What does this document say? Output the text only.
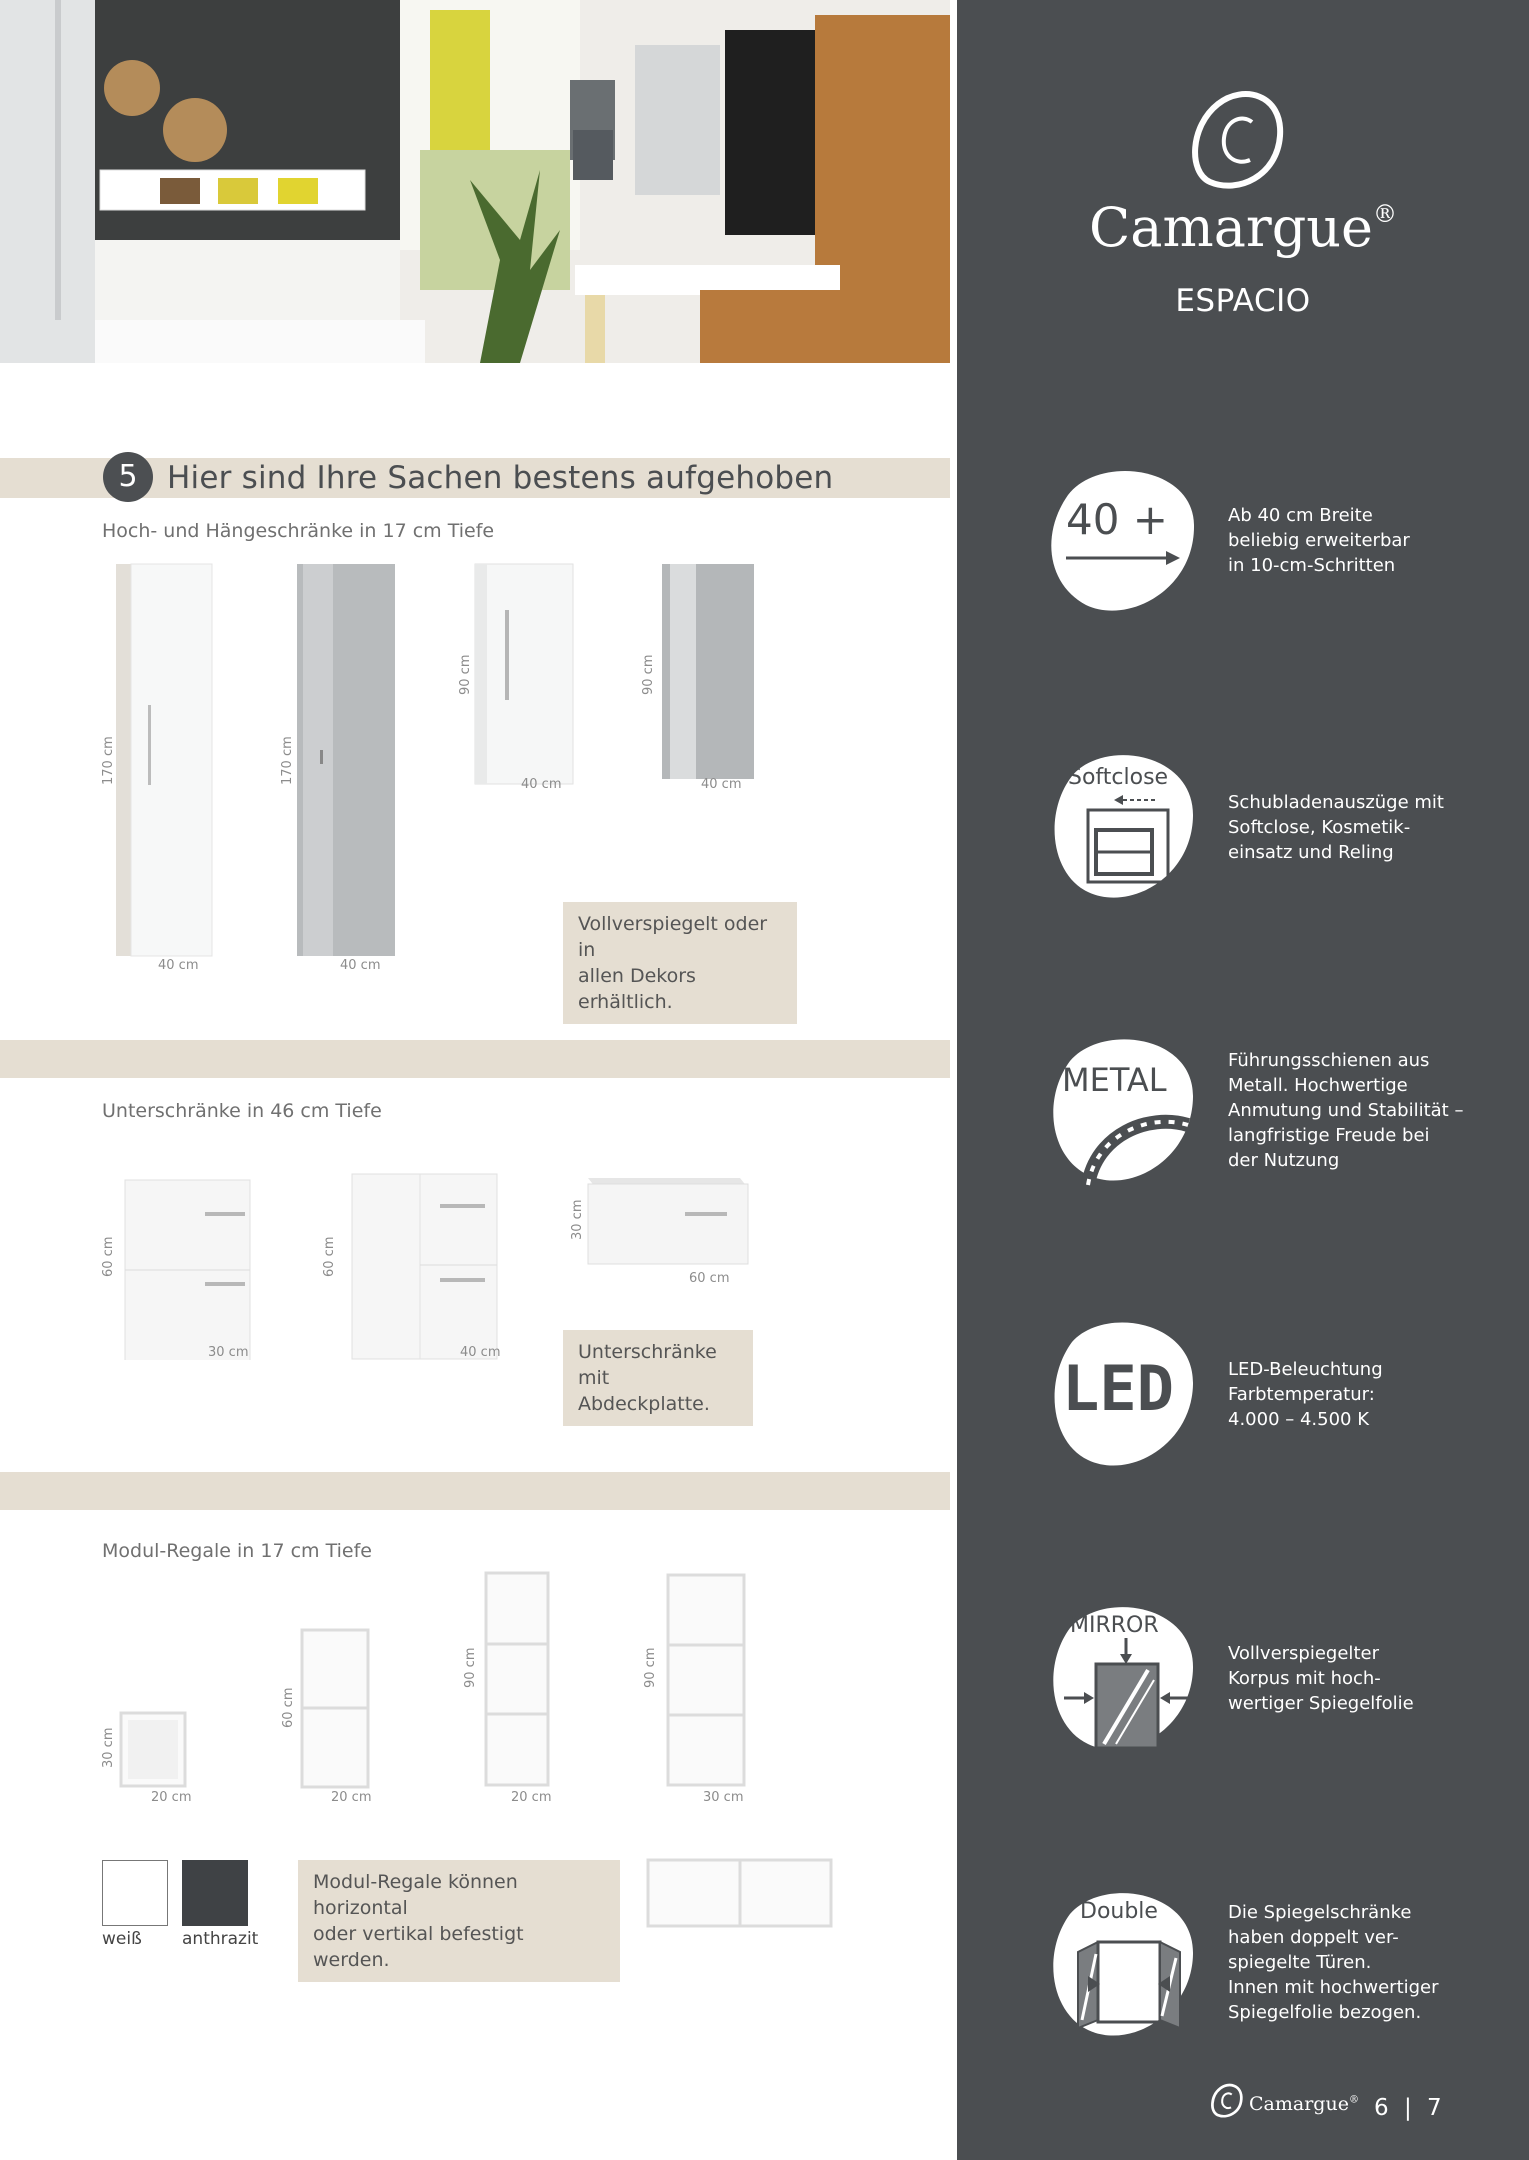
5 Hier sind Ihre Sachen bestens aufgehoben
Hoch- und Hängeschränke in 17 cm Tiefe
170 cm
40 cm
170 cm
40 cm
90 cm
40 cm
90 cm
40 cm
Vollverspiegelt oder in
allen Dekors erhältlich.
Unterschränke in 46 cm Tiefe
60 cm
30 cm
60 cm
40 cm
30 cm
60 cm
Unterschränke
mit Abdeckplatte.
Modul-Regale in 17 cm Tiefe
30 cm
20 cm
60 cm
20 cm
90 cm
20 cm
90 cm
30 cm
weiß anthrazit
Modul-Regale können horizontal
oder vertikal befestigt werden.
Camargue®
ESPACIO
40 +	Ab 40 cm Breite
beliebig erweiterbar
in 10-cm-Schritten
Softclose
Schubladenauszüge mit
Softclose, Kosmetik-
einsatz und Reling
METAL
Führungsschienen aus
Metall. Hochwertige
Anmutung und Stabilität –
langfristige Freude bei
der Nutzung
LED	LED-Beleuchtung
Farbtemperatur:
4.000 – 4.500 K
MIRROR
Vollverspiegelter
Korpus mit hoch-
wertiger Spiegelfolie
Double	Die Spiegelschränke
haben doppelt ver-
spiegelte Türen.
Innen mit hochwertiger
Spiegelfolie bezogen.
Camargue® 6 | 7
